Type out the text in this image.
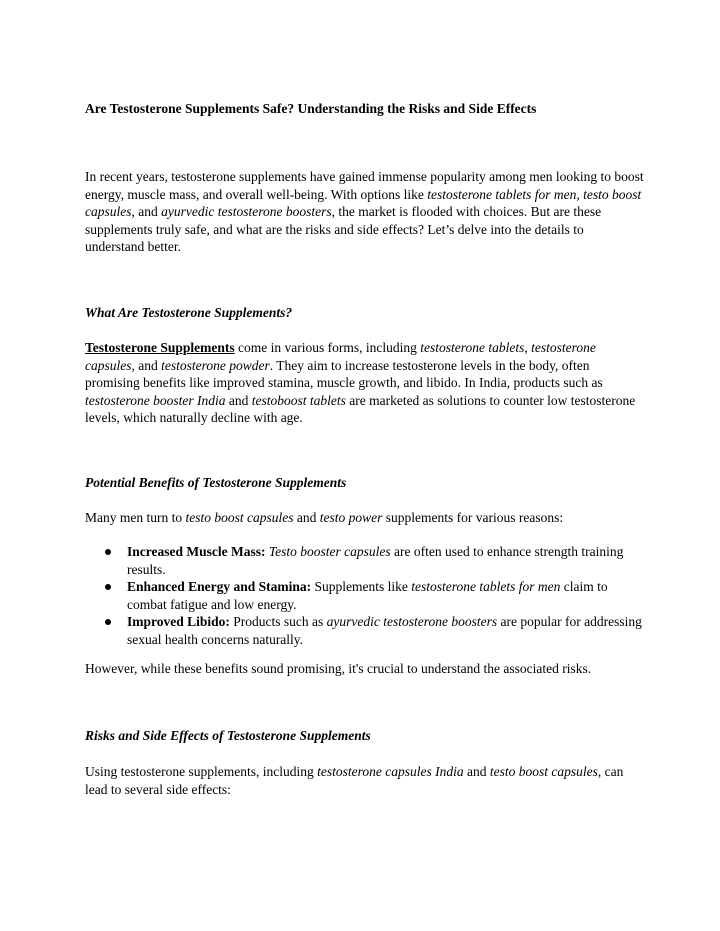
Are Testosterone Supplements Safe? Understanding the Risks and Side Effects

In recent years, testosterone supplements have gained immense popularity among men looking to boost energy, muscle mass, and overall well-being. With options like testosterone tablets for men, testo boost capsules, and ayurvedic testosterone boosters, the market is flooded with choices. But are these supplements truly safe, and what are the risks and side effects? Let’s delve into the details to understand better.

What Are Testosterone Supplements?

Testosterone Supplements come in various forms, including testosterone tablets, testosterone capsules, and testosterone powder. They aim to increase testosterone levels in the body, often promising benefits like improved stamina, muscle growth, and libido. In India, products such as testosterone booster India and testoboost tablets are marketed as solutions to counter low testosterone levels, which naturally decline with age.

Potential Benefits of Testosterone Supplements

Many men turn to testo boost capsules and testo power supplements for various reasons:

Increased Muscle Mass: Testo booster capsules are often used to enhance strength training results.

Enhanced Energy and Stamina: Supplements like testosterone tablets for men claim to combat fatigue and low energy.

Improved Libido: Products such as ayurvedic testosterone boosters are popular for addressing sexual health concerns naturally.

However, while these benefits sound promising, it's crucial to understand the associated risks.

Risks and Side Effects of Testosterone Supplements

Using testosterone supplements, including testosterone capsules India and testo boost capsules, can lead to several side effects:
